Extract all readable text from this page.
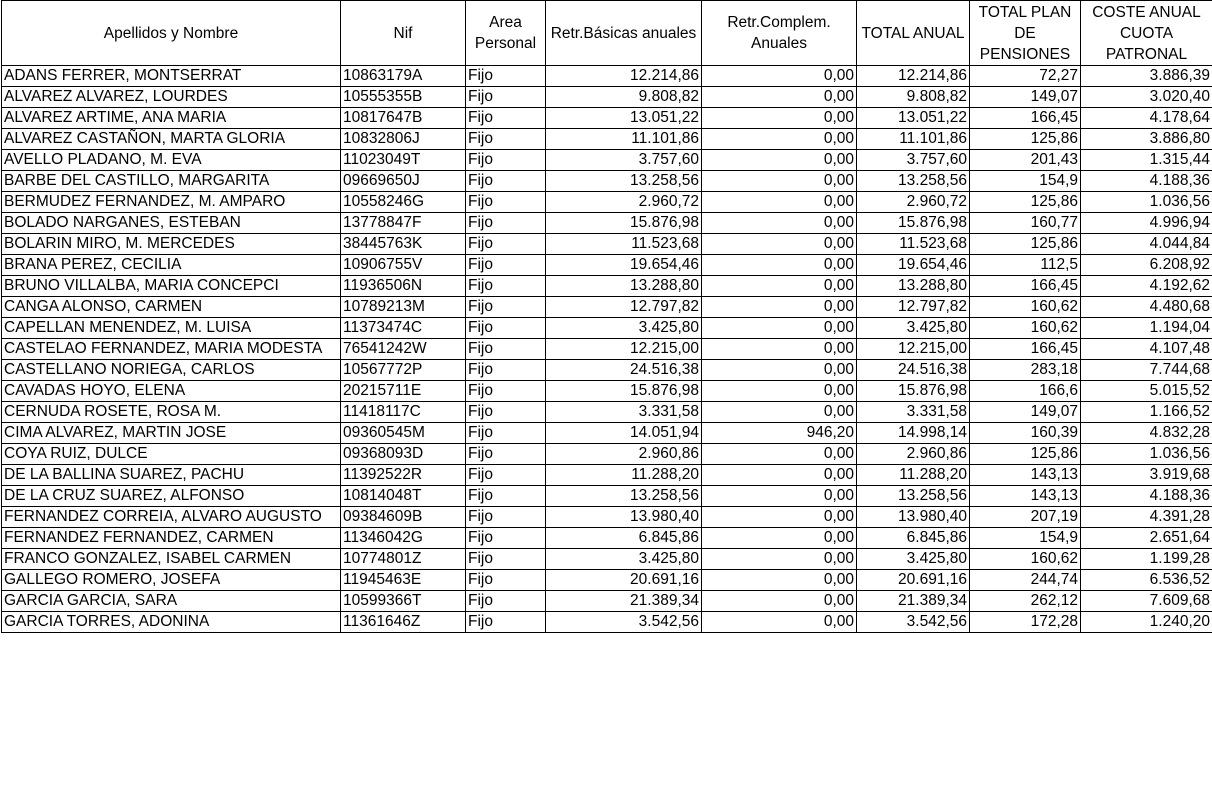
Apellidos y Nombre	Nif	Area Personal	Retr.Básicas anuales	Retr.Complem. Anuales	TOTAL ANUAL	TOTAL PLAN DE PENSIONES	COSTE ANUAL CUOTA PATRONAL
ADANS FERRER, MONTSERRAT	10863179A	Fijo	12.214,86	0,00	12.214,86	72,27	3.886,39
ALVAREZ ALVAREZ, LOURDES	10555355B	Fijo	9.808,82	0,00	9.808,82	149,07	3.020,40
ALVAREZ ARTIME, ANA MARIA	10817647B	Fijo	13.051,22	0,00	13.051,22	166,45	4.178,64
ALVAREZ CASTAÑON, MARTA GLORIA	10832806J	Fijo	11.101,86	0,00	11.101,86	125,86	3.886,80
AVELLO PLADANO, M. EVA	11023049T	Fijo	3.757,60	0,00	3.757,60	201,43	1.315,44
BARBE DEL CASTILLO, MARGARITA	09669650J	Fijo	13.258,56	0,00	13.258,56	154,9	4.188,36
BERMUDEZ FERNANDEZ, M. AMPARO	10558246G	Fijo	2.960,72	0,00	2.960,72	125,86	1.036,56
BOLADO NARGANES, ESTEBAN	13778847F	Fijo	15.876,98	0,00	15.876,98	160,77	4.996,94
BOLARIN MIRO, M. MERCEDES	38445763K	Fijo	11.523,68	0,00	11.523,68	125,86	4.044,84
BRANA PEREZ, CECILIA	10906755V	Fijo	19.654,46	0,00	19.654,46	112,5	6.208,92
BRUNO VILLALBA, MARIA CONCEPCI	11936506N	Fijo	13.288,80	0,00	13.288,80	166,45	4.192,62
CANGA ALONSO, CARMEN	10789213M	Fijo	12.797,82	0,00	12.797,82	160,62	4.480,68
CAPELLAN MENENDEZ, M. LUISA	11373474C	Fijo	3.425,80	0,00	3.425,80	160,62	1.194,04
CASTELAO FERNANDEZ, MARIA MODESTA	76541242W	Fijo	12.215,00	0,00	12.215,00	166,45	4.107,48
CASTELLANO NORIEGA, CARLOS	10567772P	Fijo	24.516,38	0,00	24.516,38	283,18	7.744,68
CAVADAS HOYO, ELENA	20215711E	Fijo	15.876,98	0,00	15.876,98	166,6	5.015,52
CERNUDA ROSETE, ROSA M.	11418117C	Fijo	3.331,58	0,00	3.331,58	149,07	1.166,52
CIMA ALVAREZ, MARTIN JOSE	09360545M	Fijo	14.051,94	946,20	14.998,14	160,39	4.832,28
COYA RUIZ, DULCE	09368093D	Fijo	2.960,86	0,00	2.960,86	125,86	1.036,56
DE LA BALLINA SUAREZ, PACHU	11392522R	Fijo	11.288,20	0,00	11.288,20	143,13	3.919,68
DE LA CRUZ SUAREZ, ALFONSO	10814048T	Fijo	13.258,56	0,00	13.258,56	143,13	4.188,36
FERNANDEZ CORREIA, ALVARO AUGUSTO	09384609B	Fijo	13.980,40	0,00	13.980,40	207,19	4.391,28
FERNANDEZ FERNANDEZ, CARMEN	11346042G	Fijo	6.845,86	0,00	6.845,86	154,9	2.651,64
FRANCO GONZALEZ, ISABEL CARMEN	10774801Z	Fijo	3.425,80	0,00	3.425,80	160,62	1.199,28
GALLEGO ROMERO, JOSEFA	11945463E	Fijo	20.691,16	0,00	20.691,16	244,74	6.536,52
GARCIA GARCIA, SARA	10599366T	Fijo	21.389,34	0,00	21.389,34	262,12	7.609,68
GARCIA TORRES, ADONINA	11361646Z	Fijo	3.542,56	0,00	3.542,56	172,28	1.240,20
